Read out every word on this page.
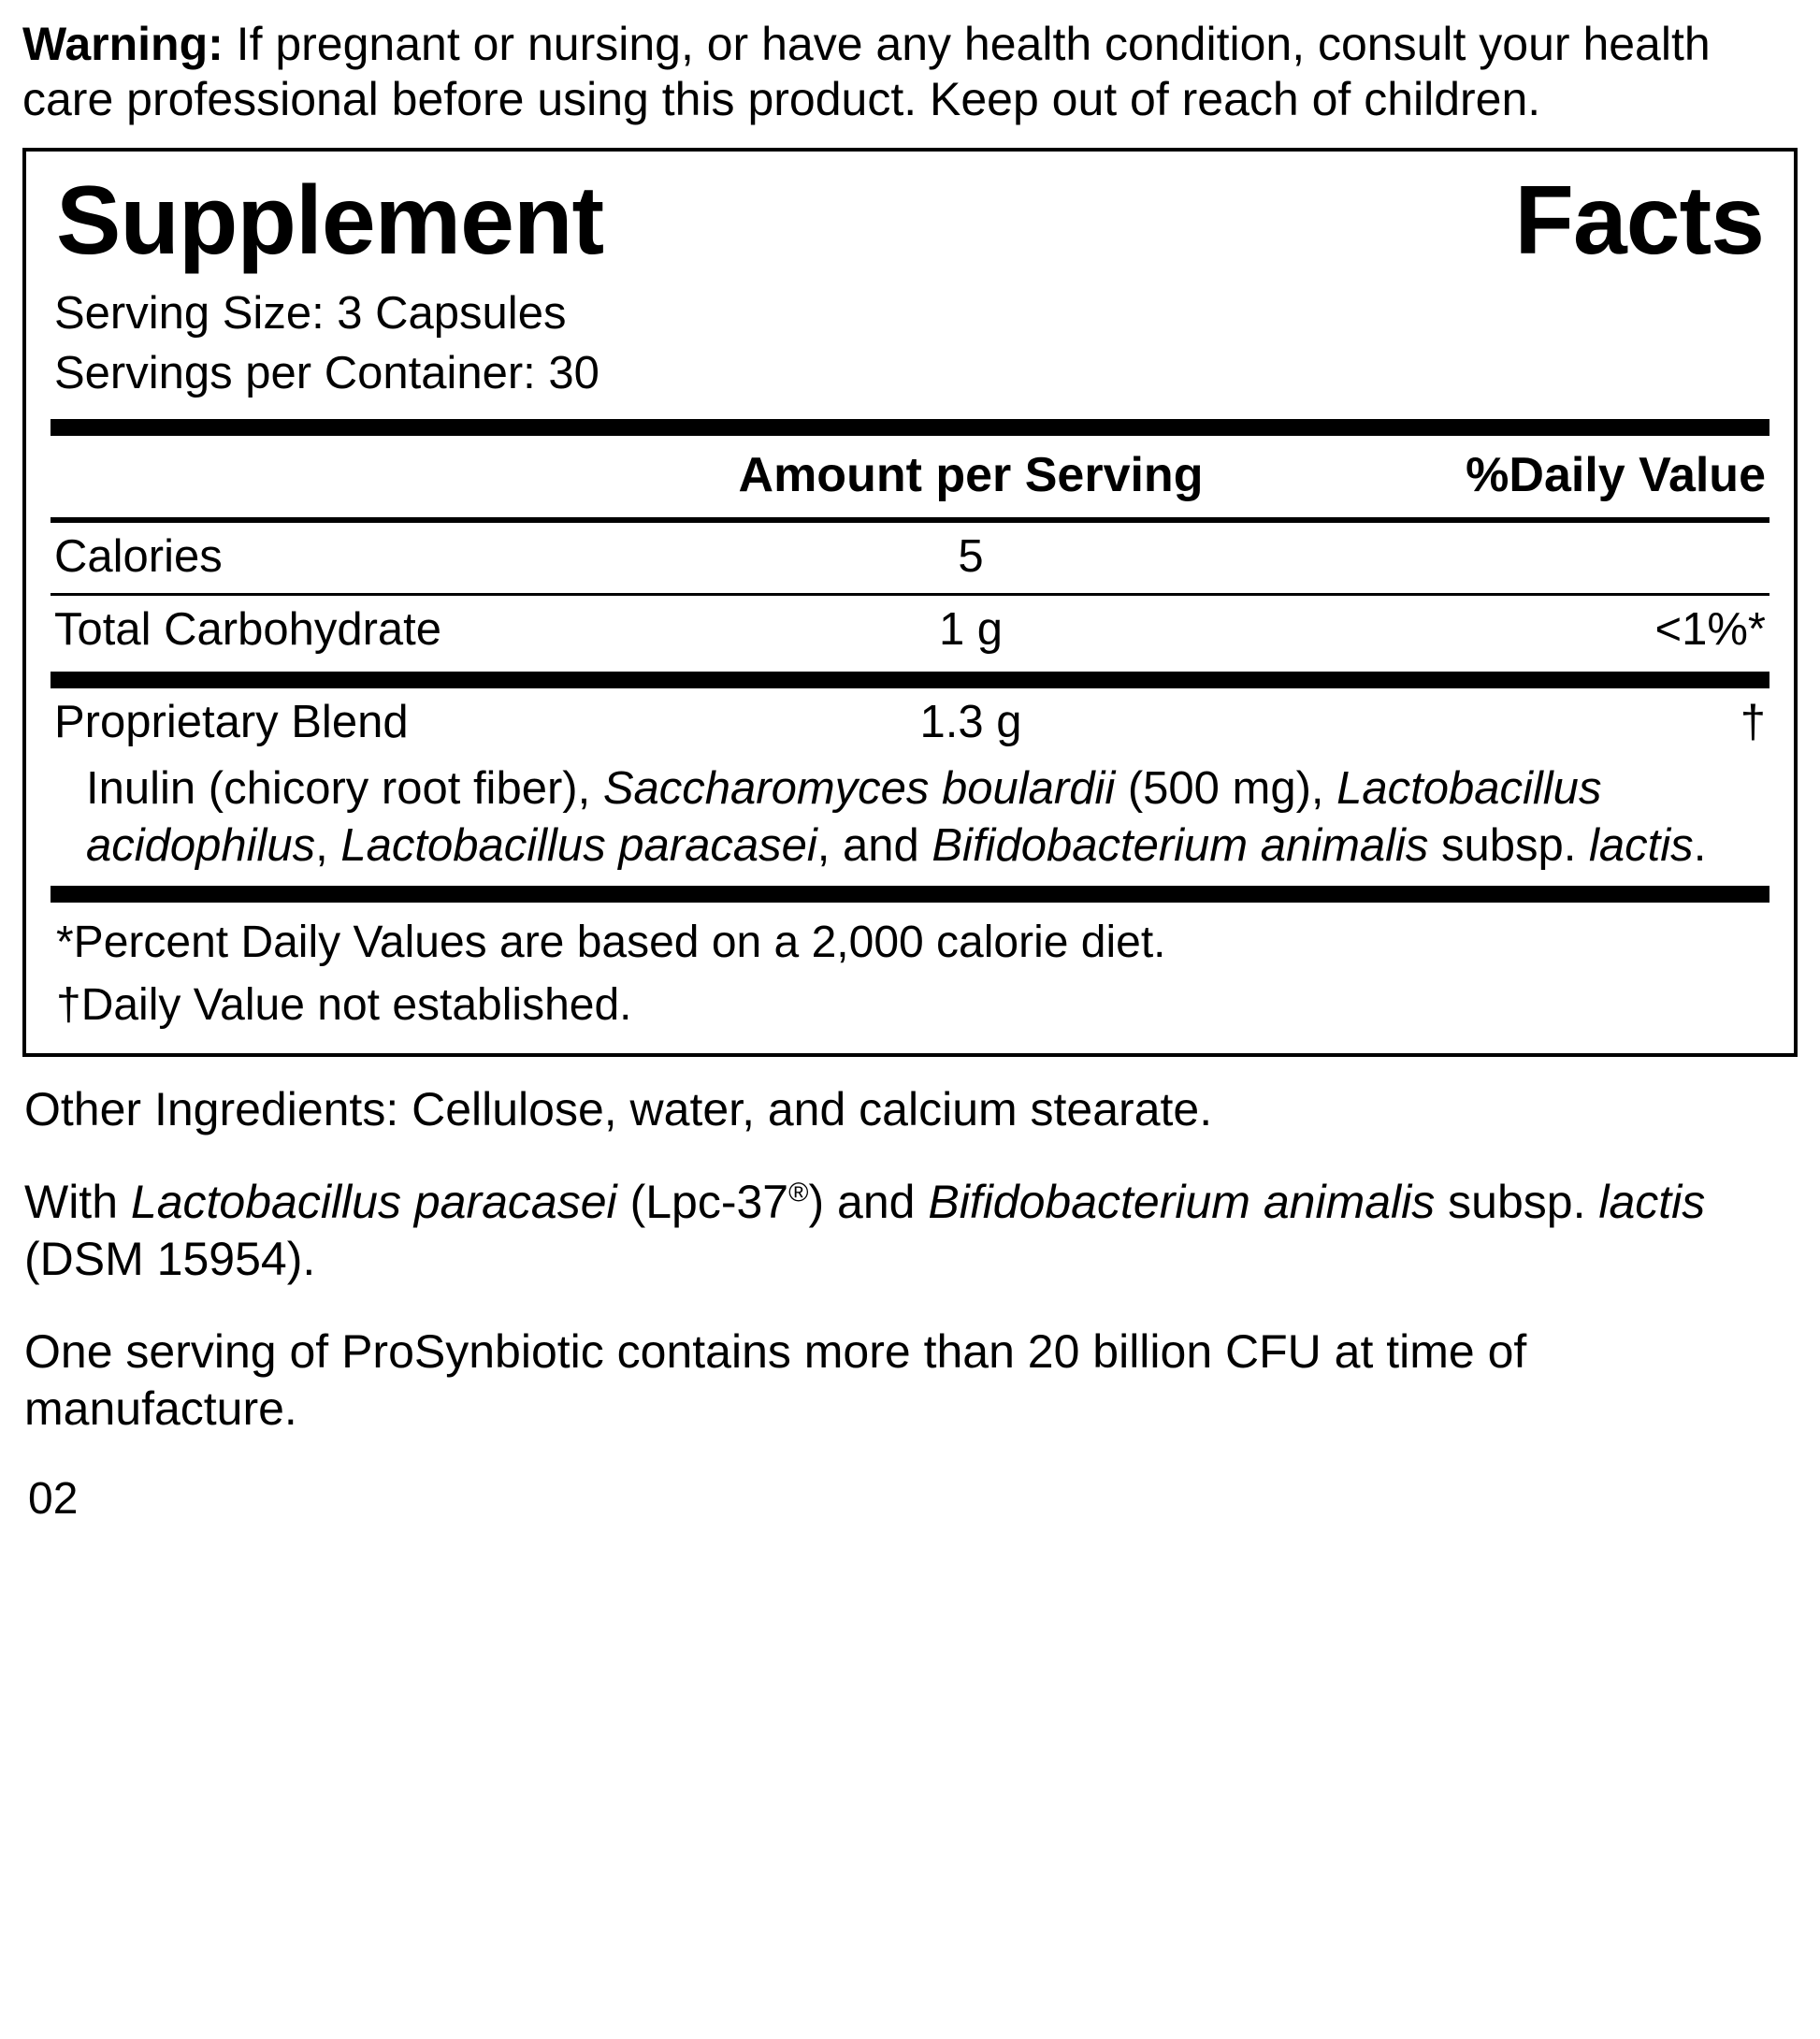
Warning: If pregnant or nursing, or have any health condition, consult your health care professional before using this product. Keep out of reach of children.

Supplement	Facts
Serving Size: 3 Capsules
Servings per Container: 30
Amount per Serving	%Daily Value
Calories	5
Total Carbohydrate	1 g	<1%*
Proprietary Blend	1.3 g	†
Inulin (chicory root fiber), Saccharomyces boulardii (500 mg), Lactobacillus acidophilus, Lactobacillus paracasei, and Bifidobacterium animalis subsp. lactis.
*Percent Daily Values are based on a 2,000 calorie diet.
†Daily Value not established.

Other Ingredients: Cellulose, water, and calcium stearate.

With Lactobacillus paracasei (Lpc-37®) and Bifidobacterium animalis subsp. lactis (DSM 15954).

One serving of ProSynbiotic contains more than 20 billion CFU at time of manufacture.

02
